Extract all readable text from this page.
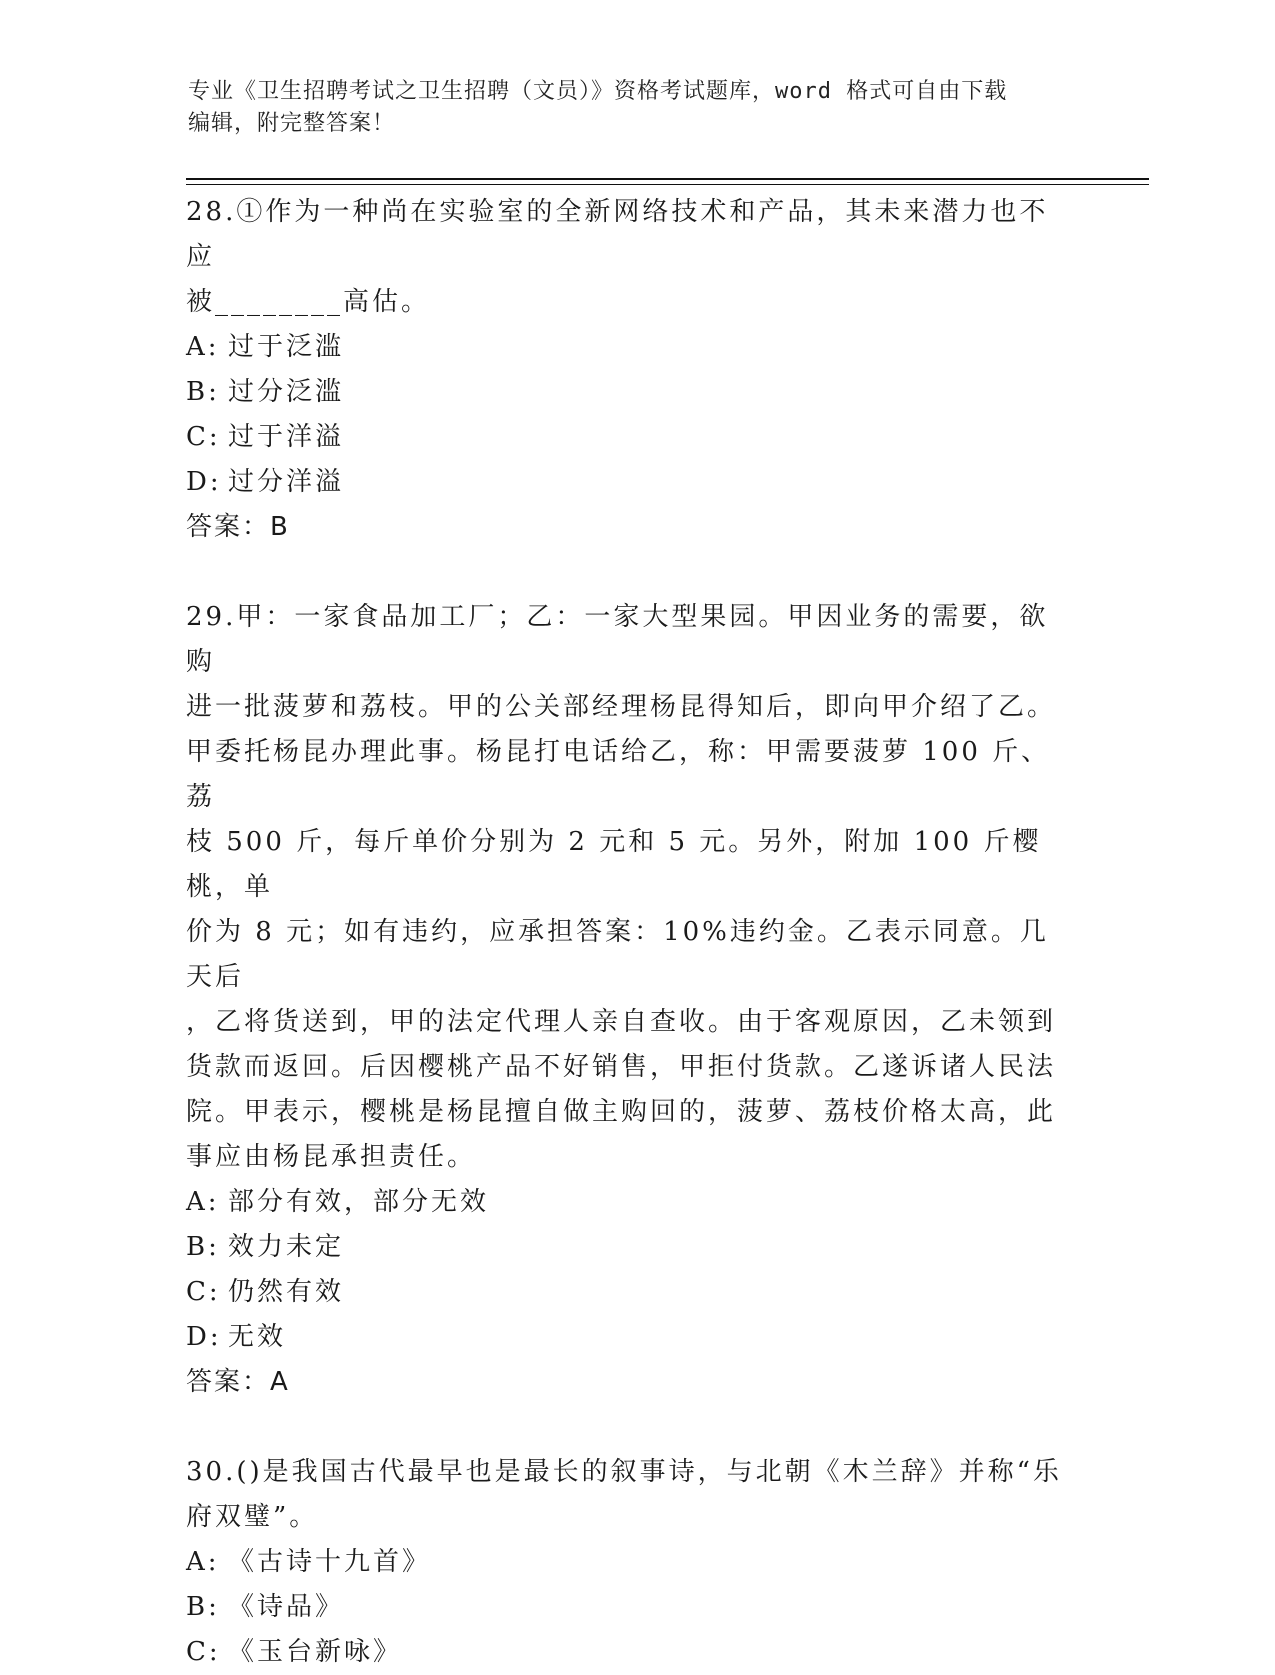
专业《卫生招聘考试之卫生招聘（文员）》资格考试题库，word 格式可自由下载
编辑，附完整答案！

28.①作为一种尚在实验室的全新网络技术和产品，其未来潜力也不应

被________高估。

A: 过于泛滥

B: 过分泛滥

C: 过于洋溢

D: 过分洋溢

答案：B

29.甲：一家食品加工厂；乙：一家大型果园。甲因业务的需要，欲购

进一批菠萝和荔枝。甲的公关部经理杨昆得知后，即向甲介绍了乙。

甲委托杨昆办理此事。杨昆打电话给乙，称：甲需要菠萝 100 斤、荔

枝 500 斤，每斤单价分别为 2 元和 5 元。另外，附加 100 斤樱桃，单

价为 8 元；如有违约，应承担答案：10%违约金。乙表示同意。几天后

，乙将货送到，甲的法定代理人亲自查收。由于客观原因，乙未领到

货款而返回。后因樱桃产品不好销售，甲拒付货款。乙遂诉诸人民法

院。甲表示，樱桃是杨昆擅自做主购回的，菠萝、荔枝价格太高，此

事应由杨昆承担责任。

A: 部分有效，部分无效

B: 效力未定

C: 仍然有效

D: 无效

答案：A

30.()是我国古代最早也是最长的叙事诗，与北朝《木兰辞》并称“乐

府双璧”。

A: 《古诗十九首》

B: 《诗品》

C: 《玉台新咏》
